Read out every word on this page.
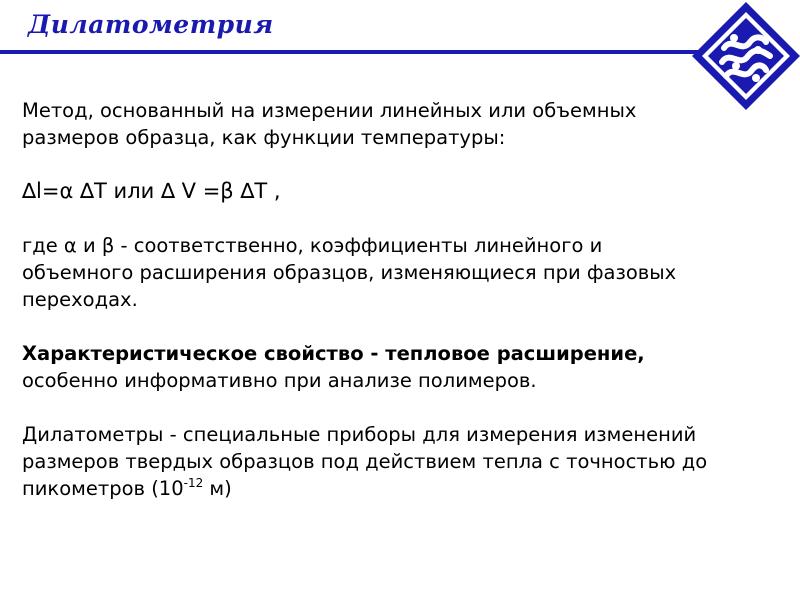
Дилатометрия

Метод, основанный на измерении линейных или объемных

размеров образца, как функции температуры:

∆l=α ∆T или ∆ V =β ∆T ,

где α и β - соответственно, коэффициенты линейного и

объемного расширения образцов, изменяющиеся при фазовых

переходах.

Характеристическое свойство - тепловое расширение,

особенно информативно при анализе полимеров.

Дилатометры - специальные приборы для измерения изменений

размеров твердых образцов под действием тепла с точностью до

пикометров ($10^{-12}$ м)
